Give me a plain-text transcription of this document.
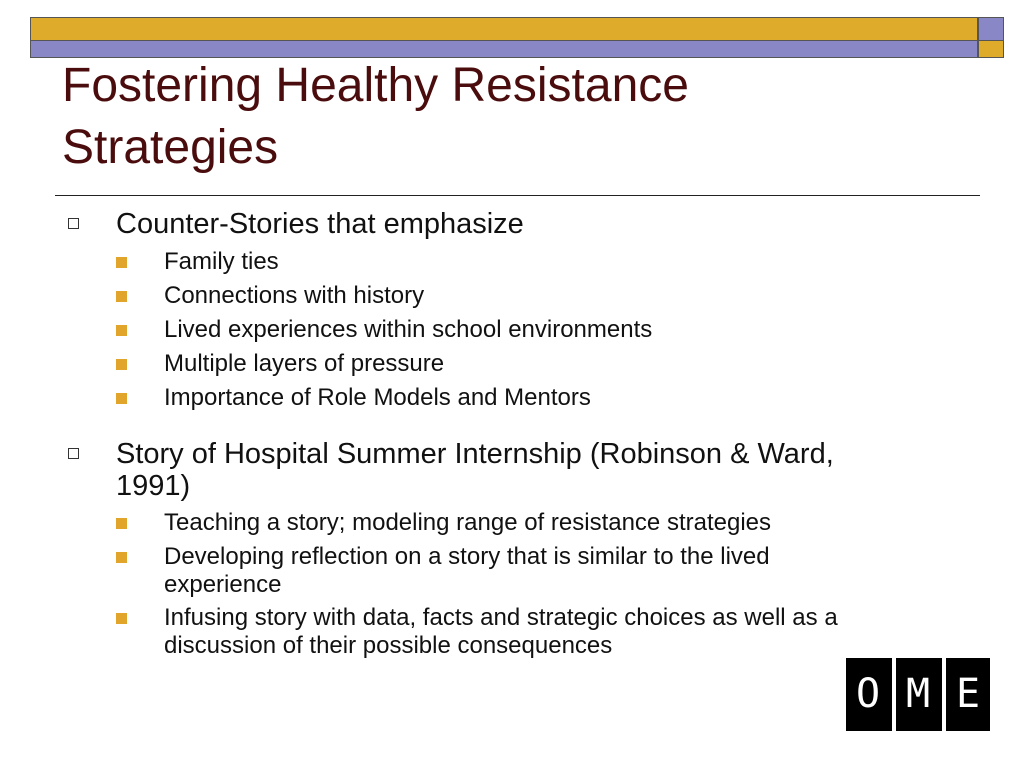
Fostering Healthy Resistance
Strategies
Counter-Stories that emphasize
Family ties
Connections with history
Lived experiences within school environments
Multiple layers of pressure
Importance of Role Models and Mentors
Story of Hospital Summer Internship (Robinson & Ward,
1991)
Teaching a story; modeling range of resistance strategies
Developing reflection on a story that is similar to the lived
experience
Infusing story with data, facts and strategic choices as well as a
discussion of their possible consequences
O M E
